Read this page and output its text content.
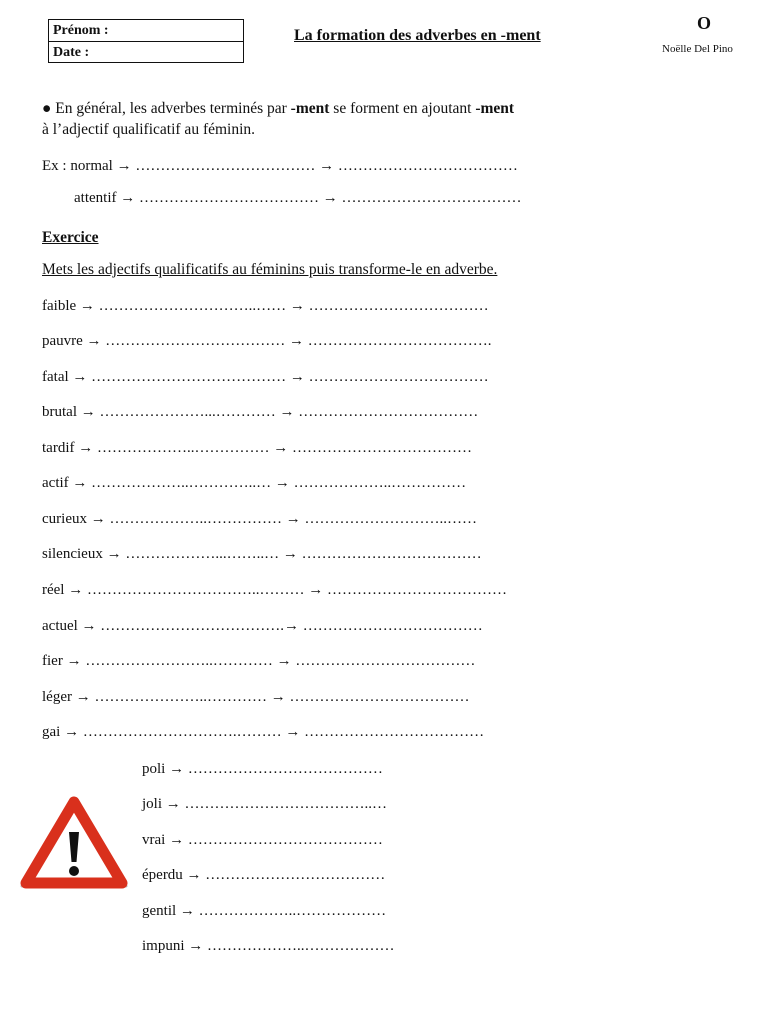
Prénom :
Date :
La formation des adverbes en -ment
O
Noëlle Del Pino
● En général, les adverbes terminés par -ment se forment en ajoutant -ment
à l’adjectif qualificatif au féminin.
Ex : normal → ……………………………… → ………………………………
attentif → ……………………………… → ………………………………
Exercice
Mets les adjectifs qualificatifs au féminins puis transforme-le en adverbe.
faible → …………………………..…… → ………………………………
pauvre → ……………………………… → ……………………………….
fatal → ………………………………… → ………………………………
brutal → …………………...………… → ………………………………
tardif → ………………..…………… → ………………………………
actif → ………………..…………..… → ………………..……………
curieux → ………………..…………… → ………………………..……
silencieux → ………………...……..… → ………………………………
réel → ……………………………..……… → ………………………………
actuel → ……………………………….→ ………………………………
fier → ……………………..………… → ………………………………
léger → …………………..………… → ………………………………
gai → ………………………….……… → ………………………………
poli → …………………………………
joli → ………………………………..…
vrai → …………………………………
éperdu → ………………………………
gentil → ………………..………………
impuni → ………………..………………
